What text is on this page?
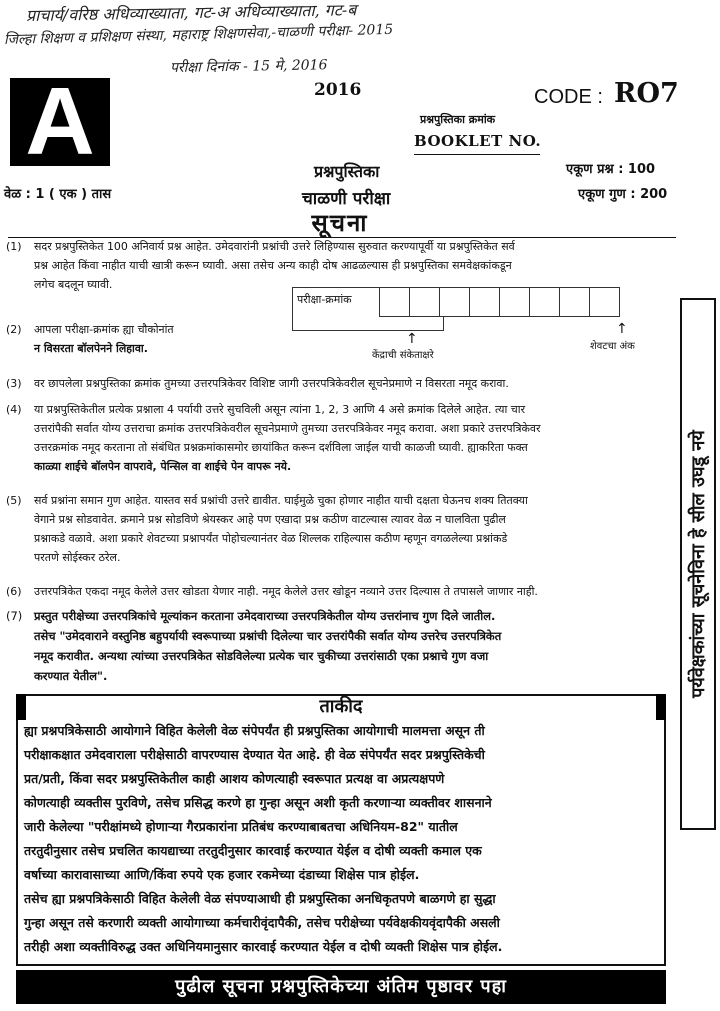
प्राचार्य/वरिष्ठ अधिव्याख्याता, गट-अ अधिव्याख्याता, गट-ब
जिल्हा शिक्षण व प्रशिक्षण संस्था, महाराष्ट्र शिक्षणसेवा,-चाळणी परीक्षा- 2015
परीक्षा दिनांक - 15 मे, 2016
A	2016	CODE : RO7
प्रश्नपुस्तिका क्रमांक
BOOKLET NO.
प्रश्नपुस्तिका
चाळणी परीक्षा
वेळ : 1 ( एक ) तास
एकूण प्रश्न : 100
एकूण गुण : 200
सूचना
(1) सदर प्रश्नपुस्तिकेत 100 अनिवार्य प्रश्न आहेत. उमेदवारांनी प्रश्नांची उत्तरे लिहिण्यास सुरुवात करण्यापूर्वी या प्रश्नपुस्तिकेत सर्व
प्रश्न आहेत किंवा नाहीत याची खात्री करून घ्यावी. असा तसेच अन्य काही दोष आढळल्यास ही प्रश्नपुस्तिका समवेक्षकांकडून
लगेच बदलून घ्यावी.
(2) आपला परीक्षा-क्रमांक ह्या चौकोनांत
न विसरता बॉलपेनने लिहावा.
परीक्षा-क्रमांक
↑
↑
केंद्राची संकेताक्षरे
शेवटचा अंक
(3) वर छापलेला प्रश्नपुस्तिका क्रमांक तुमच्या उत्तरपत्रिकेवर विशिष्ट जागी उत्तरपत्रिकेवरील सूचनेप्रमाणे न विसरता नमूद करावा.
(4) या प्रश्नपुस्तिकेतील प्रत्येक प्रश्नाला 4 पर्यायी उत्तरे सुचविली असून त्यांना 1, 2, 3 आणि 4 असे क्रमांक दिलेले आहेत. त्या चार
उत्तरांपैकी सर्वात योग्य उत्तराचा क्रमांक उत्तरपत्रिकेवरील सूचनेप्रमाणे तुमच्या उत्तरपत्रिकेवर नमूद करावा. अशा प्रकारे उत्तरपत्रिकेवर
उत्तरक्रमांक नमूद करताना तो संबंधित प्रश्नक्रमांकासमोर छायांकित करून दर्शविला जाईल याची काळजी घ्यावी. ह्याकरिता फक्त
काळ्या शाईचे बॉलपेन वापरावे, पेन्सिल वा शाईचे पेन वापरू नये.
(5) सर्व प्रश्नांना समान गुण आहेत. यास्तव सर्व प्रश्नांची उत्तरे द्यावीत. घाईमुळे चुका होणार नाहीत याची दक्षता घेऊनच शक्य तितक्या
वेगाने प्रश्न सोडवावेत. क्रमाने प्रश्न सोडविणे श्रेयस्कर आहे पण एखादा प्रश्न कठीण वाटल्यास त्यावर वेळ न घालविता पुढील
प्रश्नाकडे वळावे. अशा प्रकारे शेवटच्या प्रश्नापर्यंत पोहोचल्यानंतर वेळ शिल्लक राहिल्यास कठीण म्हणून वगळलेल्या प्रश्नांकडे
परतणे सोईस्कर ठरेल.
(6) उत्तरपत्रिकेत एकदा नमूद केलेले उत्तर खोडता येणार नाही. नमूद केलेले उत्तर खोडून नव्याने उत्तर दिल्यास ते तपासले जाणार नाही.
(7) प्रस्तुत परीक्षेच्या उत्तरपत्रिकांचे मूल्यांकन करताना उमेदवाराच्या उत्तरपत्रिकेतील योग्य उत्तरांनाच गुण दिले जातील.
तसेच "उमेदवाराने वस्तुनिष्ठ बहुपर्यायी स्वरूपाच्या प्रश्नांची दिलेल्या चार उत्तरांपैकी सर्वात योग्य उत्तरेच उत्तरपत्रिकेत
नमूद करावीत. अन्यथा त्यांच्या उत्तरपत्रिकेत सोडविलेल्या प्रत्येक चार चुकीच्या उत्तरांसाठी एका प्रश्नाचे गुण वजा
करण्यात येतील".
ताकीद
ह्या प्रश्नपत्रिकेसाठी आयोगाने विहित केलेली वेळ संपेपर्यंत ही प्रश्नपुस्तिका आयोगाची मालमत्ता असून ती
परीक्षाकक्षात उमेदवाराला परीक्षेसाठी वापरण्यास देण्यात येत आहे. ही वेळ संपेपर्यंत सदर प्रश्नपुस्तिकेची
प्रत/प्रती, किंवा सदर प्रश्नपुस्तिकेतील काही आशय कोणत्याही स्वरूपात प्रत्यक्ष वा अप्रत्यक्षपणे
कोणत्याही व्यक्तीस पुरविणे, तसेच प्रसिद्ध करणे हा गुन्हा असून अशी कृती करणाऱ्या व्यक्तीवर शासनाने
जारी केलेल्या "परीक्षांमध्ये होणाऱ्या गैरप्रकारांना प्रतिबंध करण्याबाबतचा अधिनियम-82" यातील
तरतुदीनुसार तसेच प्रचलित कायद्याच्या तरतुदीनुसार कारवाई करण्यात येईल व दोषी व्यक्ती कमाल एक
वर्षाच्या कारावासाच्या आणि/किंवा रुपये एक हजार रकमेच्या दंडाच्या शिक्षेस पात्र होईल.
तसेच ह्या प्रश्नपत्रिकेसाठी विहित केलेली वेळ संपण्याआधी ही प्रश्नपुस्तिका अनधिकृतपणे बाळगणे हा सुद्धा
गुन्हा असून तसे करणारी व्यक्ती आयोगाच्या कर्मचारीवृंदापैकी, तसेच परीक्षेच्या पर्यवेक्षकीयवृंदापैकी असली
तरीही अशा व्यक्तीविरुद्ध उक्त अधिनियमानुसार कारवाई करण्यात येईल व दोषी व्यक्ती शिक्षेस पात्र होईल.
पुढील सूचना प्रश्नपुस्तिकेच्या अंतिम पृष्ठावर पहा
पर्यवेक्षकांच्या सूचनेविना हे सील उघडू नये
